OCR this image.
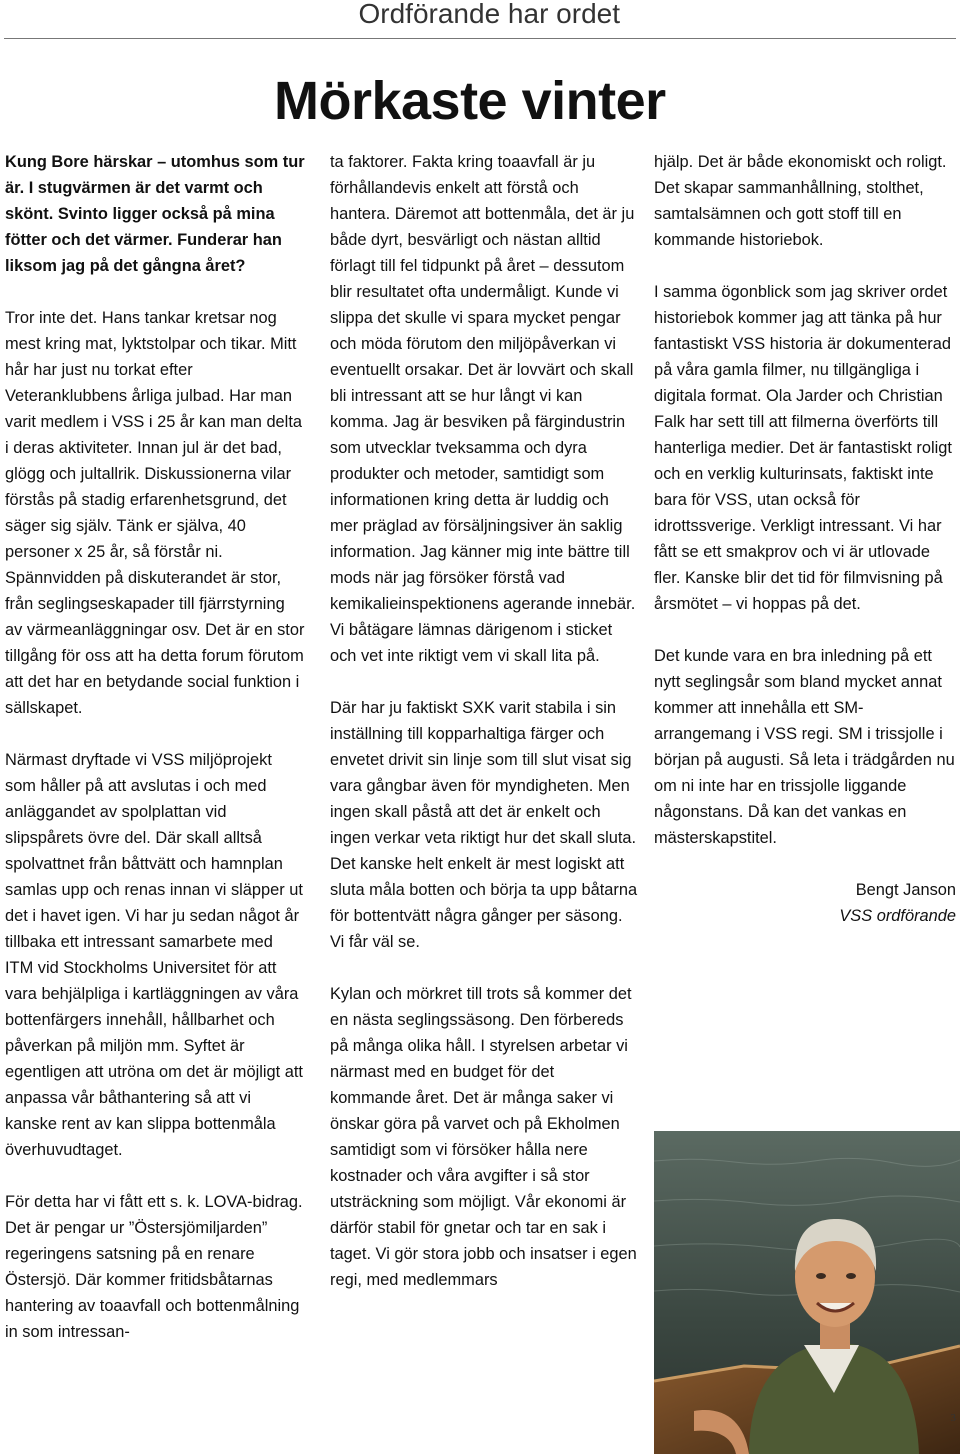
Ordförande har ordet
Mörkaste vinter

Kung Bore härskar – utomhus som tur är. I stugvärmen är det varmt och skönt. Svinto ligger också på mina fötter och det värmer. Funderar han liksom jag på det gångna året?

Tror inte det. Hans tankar kretsar nog mest kring mat, lyktstolpar och tikar. Mitt hår har just nu torkat efter Veteranklubbens årliga julbad. Har man varit medlem i VSS i 25 år kan man delta i deras aktiviteter. Innan jul är det bad, glögg och jultallrik. Diskussionerna vilar förstås på stadig erfarenhetsgrund, det säger sig själv. Tänk er själva, 40 personer x 25 år, så förstår ni. Spännvidden på diskuterandet är stor, från seglingseskapader till fjärrstyrning av värmeanläggningar osv. Det är en stor tillgång för oss att ha detta forum förutom att det har en betydande social funktion i sällskapet.

Närmast dryftade vi VSS miljöprojekt som håller på att avslutas i och med anläggandet av spolplattan vid slipspårets övre del. Där skall alltså spolvattnet från båttvätt och hamnplan samlas upp och renas innan vi släpper ut det i havet igen. Vi har ju sedan något år tillbaka ett intressant samarbete med ITM vid Stockholms Universitet för att vara behjälpliga i kartläggningen av våra bottenfärgers innehåll, hållbarhet och påverkan på miljön mm. Syftet är egentligen att utröna om det är möjligt att anpassa vår båthantering så att vi kanske rent av kan slippa bottenmåla överhuvudtaget.

För detta har vi fått ett s. k. LOVA-bidrag. Det är pengar ur ”Östersjömiljarden” regeringens satsning på en renare Östersjö. Där kommer fritidsbåtarnas hantering av toaavfall och bottenmålning in som intressan-

ta faktorer. Fakta kring toaavfall är ju förhållandevis enkelt att förstå och hantera. Däremot att bottenmåla, det är ju både dyrt, besvärligt och nästan alltid förlagt till fel tidpunkt på året – dessutom blir resultatet ofta undermåligt. Kunde vi slippa det skulle vi spara mycket pengar och möda förutom den miljöpåverkan vi eventuellt orsakar. Det är lovvärt och skall bli intressant att se hur långt vi kan komma. Jag är besviken på färgindustrin som utvecklar tveksamma och dyra produkter och metoder, samtidigt som informationen kring detta är luddig och mer präglad av försäljningsiver än saklig information. Jag känner mig inte bättre till mods när jag försöker förstå vad kemikalieinspektionens agerande innebär. Vi båtägare lämnas därigenom i sticket och vet inte riktigt vem vi skall lita på.

Där har ju faktiskt SXK varit stabila i sin inställning till kopparhaltiga färger och envetet drivit sin linje som till slut visat sig vara gångbar även för myndigheten. Men ingen skall påstå att det är enkelt och ingen verkar veta riktigt hur det skall sluta. Det kanske helt enkelt är mest logiskt att sluta måla botten och börja ta upp båtarna för bottentvätt några gånger per säsong. Vi får väl se.

Kylan och mörkret till trots så kommer det en nästa seglingssäsong. Den förbereds på många olika håll. I styrelsen arbetar vi närmast med en budget för det kommande året. Det är många saker vi önskar göra på varvet och på Ekholmen samtidigt som vi försöker hålla nere kostnader och våra avgifter i så stor utsträckning som möjligt. Vår ekonomi är därför stabil för gnetar och tar en sak i taget. Vi gör stora jobb och insatser i egen regi, med medlemmars

hjälp. Det är både ekonomiskt och roligt. Det skapar sammanhållning, stolthet, samtalsämnen och gott stoff till en kommande historiebok.

I samma ögonblick som jag skriver ordet historiebok kommer jag att tänka på hur fantastiskt VSS historia är dokumenterad på våra gamla filmer, nu tillgängliga i digitala format. Ola Jarder och Christian Falk har sett till att filmerna överförts till hanterliga medier. Det är fantastiskt roligt och en verklig kulturinsats, faktiskt inte bara för VSS, utan också för idrottssverige. Verkligt intressant. Vi har fått se ett smakprov och vi är utlovade fler. Kanske blir det tid för filmvisning på årsmötet – vi hoppas på det.

Det kunde vara en bra inledning på ett nytt seglingsår som bland mycket annat kommer att innehålla ett SM-arrangemang i VSS regi. SM i trissjolle i början på augusti. Så leta i trädgården nu om ni inte har en trissjolle liggande någonstans. Då kan det vankas en mästerskapstitel.

Bengt Janson
VSS ordförande

3
